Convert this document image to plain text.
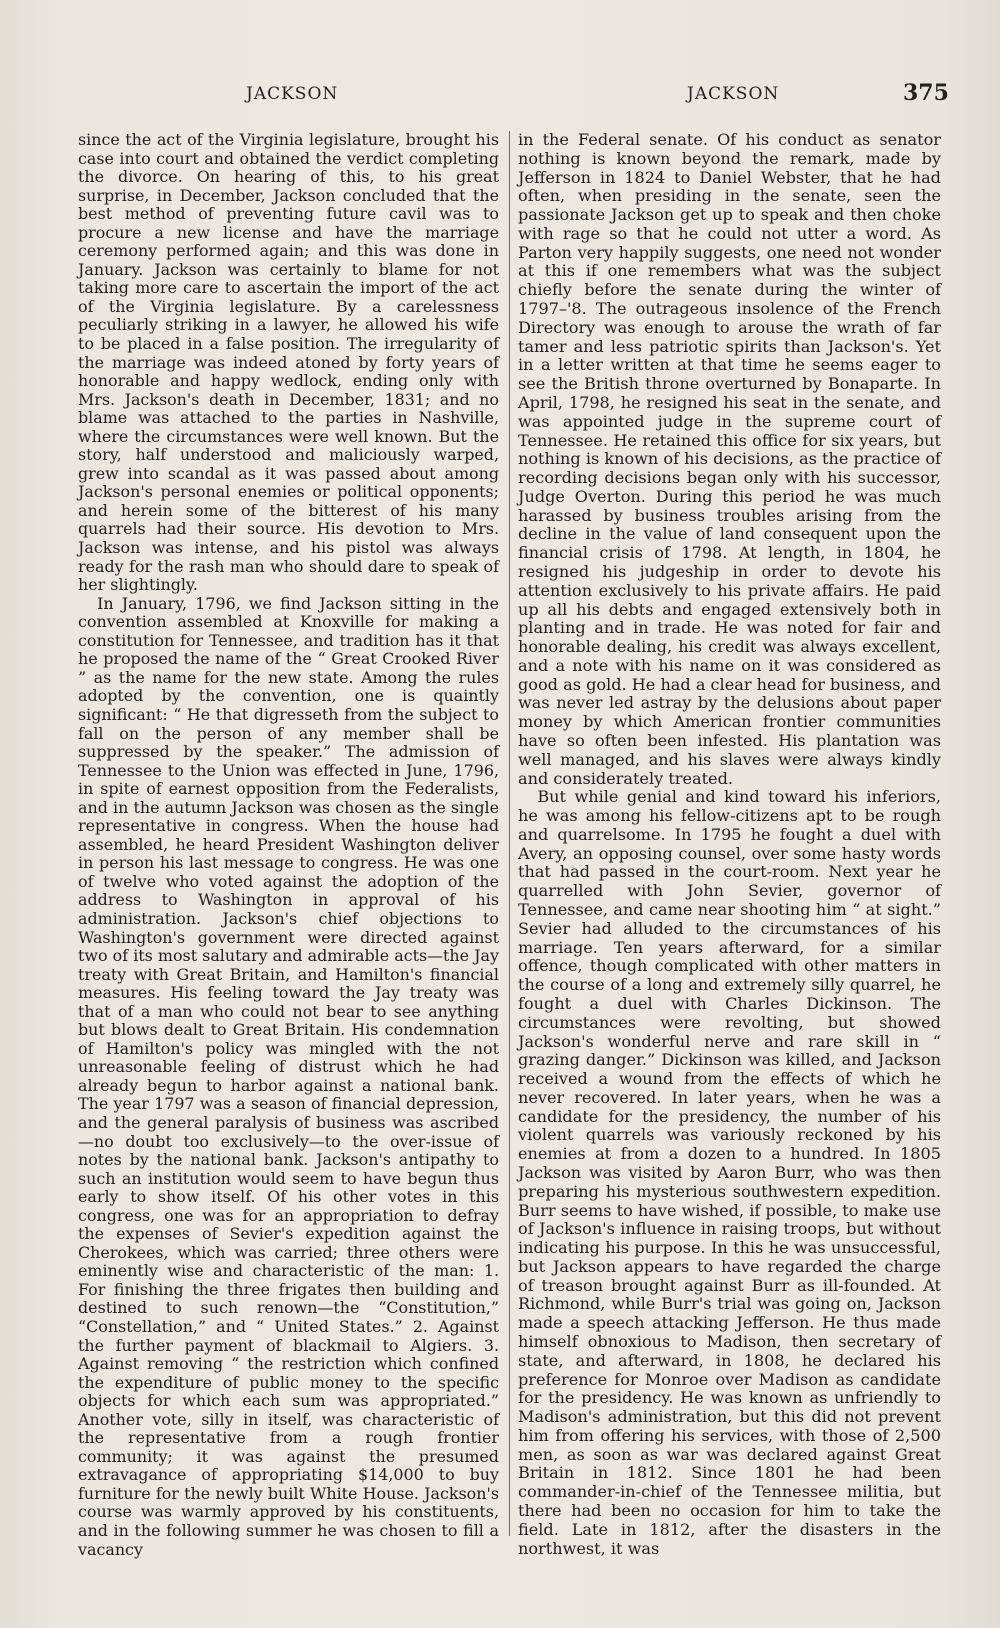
JACKSON	JACKSON	375

since the act of the Virginia legislature, brought his case into court and obtained the verdict completing the divorce. On hearing of this, to his great surprise, in December, Jackson concluded that the best method of preventing future cavil was to procure a new license and have the marriage ceremony performed again; and this was done in January. Jackson was certainly to blame for not taking more care to ascertain the import of the act of the Virginia legislature. By a carelessness peculiarly striking in a lawyer, he allowed his wife to be placed in a false position. The irregularity of the marriage was indeed atoned by forty years of honorable and happy wedlock, ending only with Mrs. Jackson's death in December, 1831; and no blame was attached to the parties in Nashville, where the circumstances were well known. But the story, half understood and maliciously warped, grew into scandal as it was passed about among Jackson's personal enemies or political opponents; and herein some of the bitterest of his many quarrels had their source. His devotion to Mrs. Jackson was intense, and his pistol was always ready for the rash man who should dare to speak of her slightingly.

In January, 1796, we find Jackson sitting in the convention assembled at Knoxville for making a constitution for Tennessee, and tradition has it that he proposed the name of the “ Great Crooked River ” as the name for the new state. Among the rules adopted by the convention, one is quaintly significant: “ He that digresseth from the subject to fall on the person of any member shall be suppressed by the speaker.” The admission of Tennessee to the Union was effected in June, 1796, in spite of earnest opposition from the Federalists, and in the autumn Jackson was chosen as the single representative in congress. When the house had assembled, he heard President Washington deliver in person his last message to congress. He was one of twelve who voted against the adoption of the address to Washington in approval of his administration. Jackson's chief objections to Washington's government were directed against two of its most salutary and admirable acts—the Jay treaty with Great Britain, and Hamilton's financial measures. His feeling toward the Jay treaty was that of a man who could not bear to see anything but blows dealt to Great Britain. His condemnation of Hamilton's policy was mingled with the not unreasonable feeling of distrust which he had already begun to harbor against a national bank. The year 1797 was a season of financial depression, and the general paralysis of business was ascribed —no doubt too exclusively—to the over-issue of notes by the national bank. Jackson's antipathy to such an institution would seem to have begun thus early to show itself. Of his other votes in this congress, one was for an appropriation to defray the expenses of Sevier's expedition against the Cherokees, which was carried; three others were eminently wise and characteristic of the man: 1. For finishing the three frigates then building and destined to such renown—the “Constitution,” “Constellation,” and “ United States.” 2. Against the further payment of blackmail to Algiers. 3. Against removing “ the restriction which confined the expenditure of public money to the specific objects for which each sum was appropriated.” Another vote, silly in itself, was characteristic of the representative from a rough frontier community; it was against the presumed extravagance of appropriating $14,000 to buy furniture for the newly built White House. Jackson's course was warmly approved by his constituents, and in the following summer he was chosen to fill a vacancy

in the Federal senate. Of his conduct as senator nothing is known beyond the remark, made by Jefferson in 1824 to Daniel Webster, that he had often, when presiding in the senate, seen the passionate Jackson get up to speak and then choke with rage so that he could not utter a word. As Parton very happily suggests, one need not wonder at this if one remembers what was the subject chiefly before the senate during the winter of 1797–'8. The outrageous insolence of the French Directory was enough to arouse the wrath of far tamer and less patriotic spirits than Jackson's. Yet in a letter written at that time he seems eager to see the British throne overturned by Bonaparte. In April, 1798, he resigned his seat in the senate, and was appointed judge in the supreme court of Tennessee. He retained this office for six years, but nothing is known of his decisions, as the practice of recording decisions began only with his successor, Judge Overton. During this period he was much harassed by business troubles arising from the decline in the value of land consequent upon the financial crisis of 1798. At length, in 1804, he resigned his judgeship in order to devote his attention exclusively to his private affairs. He paid up all his debts and engaged extensively both in planting and in trade. He was noted for fair and honorable dealing, his credit was always excellent, and a note with his name on it was considered as good as gold. He had a clear head for business, and was never led astray by the delusions about paper money by which American frontier communities have so often been infested. His plantation was well managed, and his slaves were always kindly and considerately treated.

But while genial and kind toward his inferiors, he was among his fellow-citizens apt to be rough and quarrelsome. In 1795 he fought a duel with Avery, an opposing counsel, over some hasty words that had passed in the court-room. Next year he quarrelled with John Sevier, governor of Tennessee, and came near shooting him “ at sight.” Sevier had alluded to the circumstances of his marriage. Ten years afterward, for a similar offence, though complicated with other matters in the course of a long and extremely silly quarrel, he fought a duel with Charles Dickinson. The circumstances were revolting, but showed Jackson's wonderful nerve and rare skill in “ grazing danger.” Dickinson was killed, and Jackson received a wound from the effects of which he never recovered. In later years, when he was a candidate for the presidency, the number of his violent quarrels was variously reckoned by his enemies at from a dozen to a hundred. In 1805 Jackson was visited by Aaron Burr, who was then preparing his mysterious southwestern expedition. Burr seems to have wished, if possible, to make use of Jackson's influence in raising troops, but without indicating his purpose. In this he was unsuccessful, but Jackson appears to have regarded the charge of treason brought against Burr as ill-founded. At Richmond, while Burr's trial was going on, Jackson made a speech attacking Jefferson. He thus made himself obnoxious to Madison, then secretary of state, and afterward, in 1808, he declared his preference for Monroe over Madison as candidate for the presidency. He was known as unfriendly to Madison's administration, but this did not prevent him from offering his services, with those of 2,500 men, as soon as war was declared against Great Britain in 1812. Since 1801 he had been commander-in-chief of the Tennessee militia, but there had been no occasion for him to take the field. Late in 1812, after the disasters in the northwest, it was
